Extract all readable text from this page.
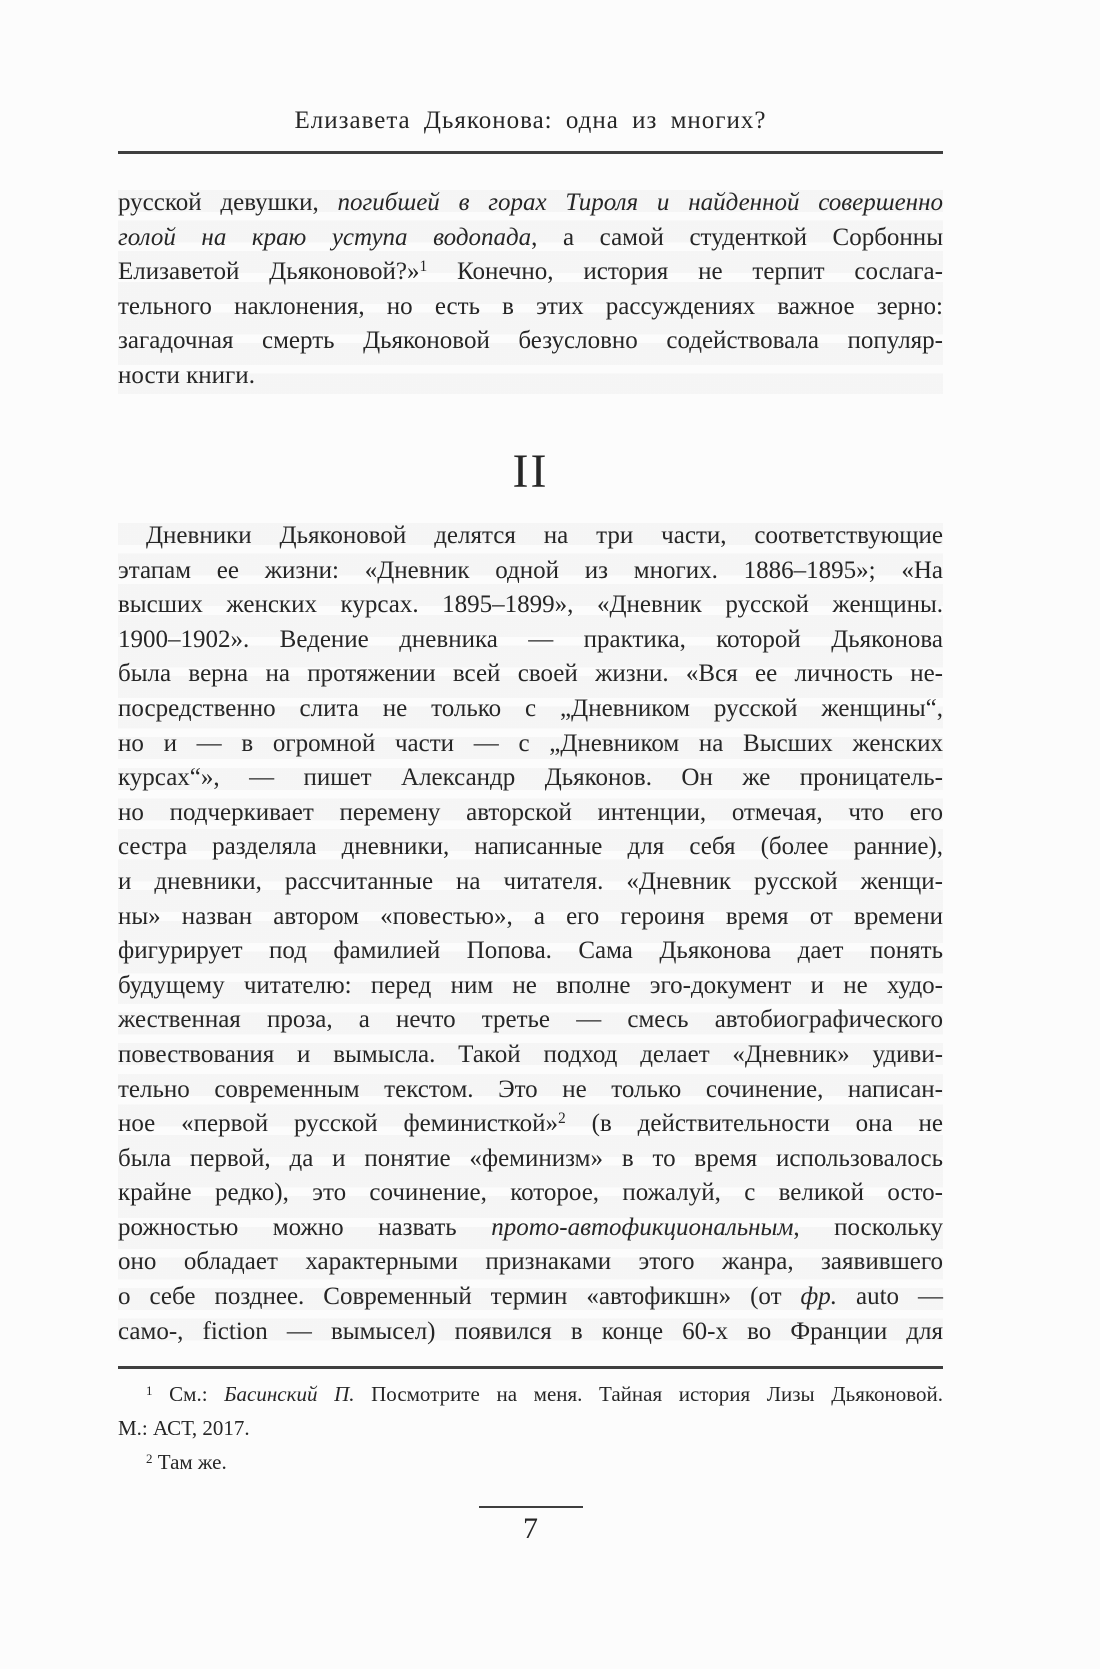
Елизавета Дьяконова: одна из многих?
русской девушки, погибшей в горах Тироля и найденной совершенно
голой на краю уступа водопада, а самой студенткой Сорбонны
Елизаветой Дьяконовой?»$^1$ Конечно, история не терпит сослага-
тельного наклонения, но есть в этих рассуждениях важное зерно:
загадочная смерть Дьяконовой безусловно содействовала популяр-
ности книги.
II
Дневники Дьяконовой делятся на три части, соответствующие
этапам ее жизни: «Дневник одной из многих. 1886–1895»; «На
высших женских курсах. 1895–1899», «Дневник русской женщины.
1900–1902». Ведение дневника — практика, которой Дьяконова
была верна на протяжении всей своей жизни. «Вся ее личность не-
посредственно слита не только с „Дневником русской женщины“,
но и — в огромной части — с „Дневником на Высших женских
курсах“», — пишет Александр Дьяконов. Он же проницатель-
но подчеркивает перемену авторской интенции, отмечая, что его
сестра разделяла дневники, написанные для себя (более ранние),
и дневники, рассчитанные на читателя. «Дневник русской женщи-
ны» назван автором «повестью», а его героиня время от времени
фигурирует под фамилией Попова. Сама Дьяконова дает понять
будущему читателю: перед ним не вполне эго-документ и не худо-
жественная проза, а нечто третье — смесь автобиографического
повествования и вымысла. Такой подход делает «Дневник» удиви-
тельно современным текстом. Это не только сочинение, написан-
ное «первой русской феминисткой»$^2$ (в действительности она не
была первой, да и понятие «феминизм» в то время использовалось
крайне редко), это сочинение, которое, пожалуй, с великой осто-
рожностью можно назвать прото-автофикциональным, поскольку
оно обладает характерными признаками этого жанра, заявившего
о себе позднее. Современный термин «автофикшн» (от фр. auto —
само-, fiction — вымысел) появился в конце 60-х во Франции для
$^1$ См.: Басинский П. Посмотрите на меня. Тайная история Лизы Дьяконовой.
М.: АСТ, 2017.
$^2$ Там же.
7
